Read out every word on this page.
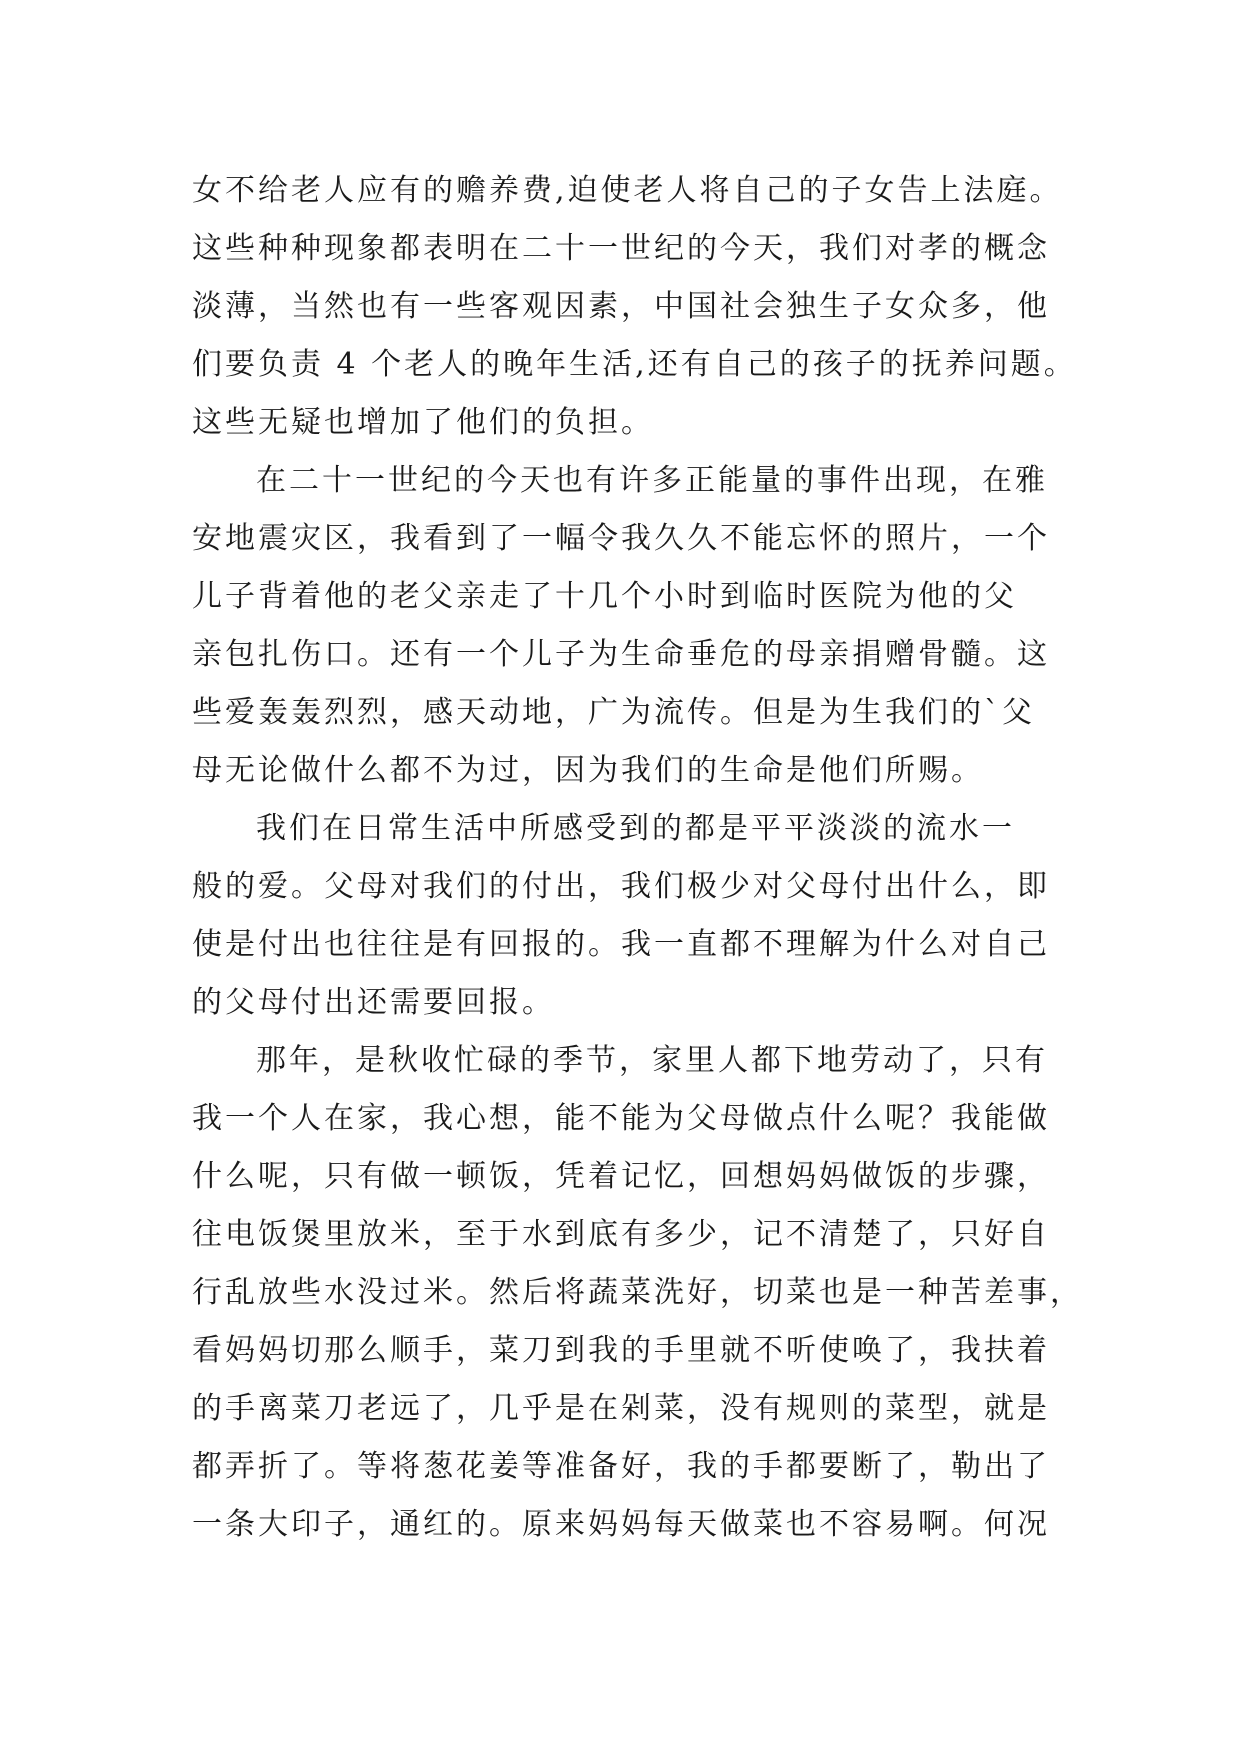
女不给老人应有的赡养费,迫使老人将自己的子女告上法庭。
这些种种现象都表明在二十一世纪的今天，我们对孝的概念
淡薄，当然也有一些客观因素，中国社会独生子女众多，他
们要负责 4 个老人的晚年生活,还有自己的孩子的抚养问题。
这些无疑也增加了他们的负担。
在二十一世纪的今天也有许多正能量的事件出现，在雅
安地震灾区，我看到了一幅令我久久不能忘怀的照片，一个
儿子背着他的老父亲走了十几个小时到临时医院为他的父
亲包扎伤口。还有一个儿子为生命垂危的母亲捐赠骨髓。这
些爱轰轰烈烈，感天动地，广为流传。但是为生我们的`父
母无论做什么都不为过，因为我们的生命是他们所赐。
我们在日常生活中所感受到的都是平平淡淡的流水一
般的爱。父母对我们的付出，我们极少对父母付出什么，即
使是付出也往往是有回报的。我一直都不理解为什么对自己
的父母付出还需要回报。
那年，是秋收忙碌的季节，家里人都下地劳动了，只有
我一个人在家，我心想，能不能为父母做点什么呢？我能做
什么呢，只有做一顿饭，凭着记忆，回想妈妈做饭的步骤，
往电饭煲里放米，至于水到底有多少，记不清楚了，只好自
行乱放些水没过米。然后将蔬菜洗好，切菜也是一种苦差事，
看妈妈切那么顺手，菜刀到我的手里就不听使唤了，我扶着
的手离菜刀老远了，几乎是在剁菜，没有规则的菜型，就是
都弄折了。等将葱花姜等准备好，我的手都要断了，勒出了
一条大印子，通红的。原来妈妈每天做菜也不容易啊。何况
